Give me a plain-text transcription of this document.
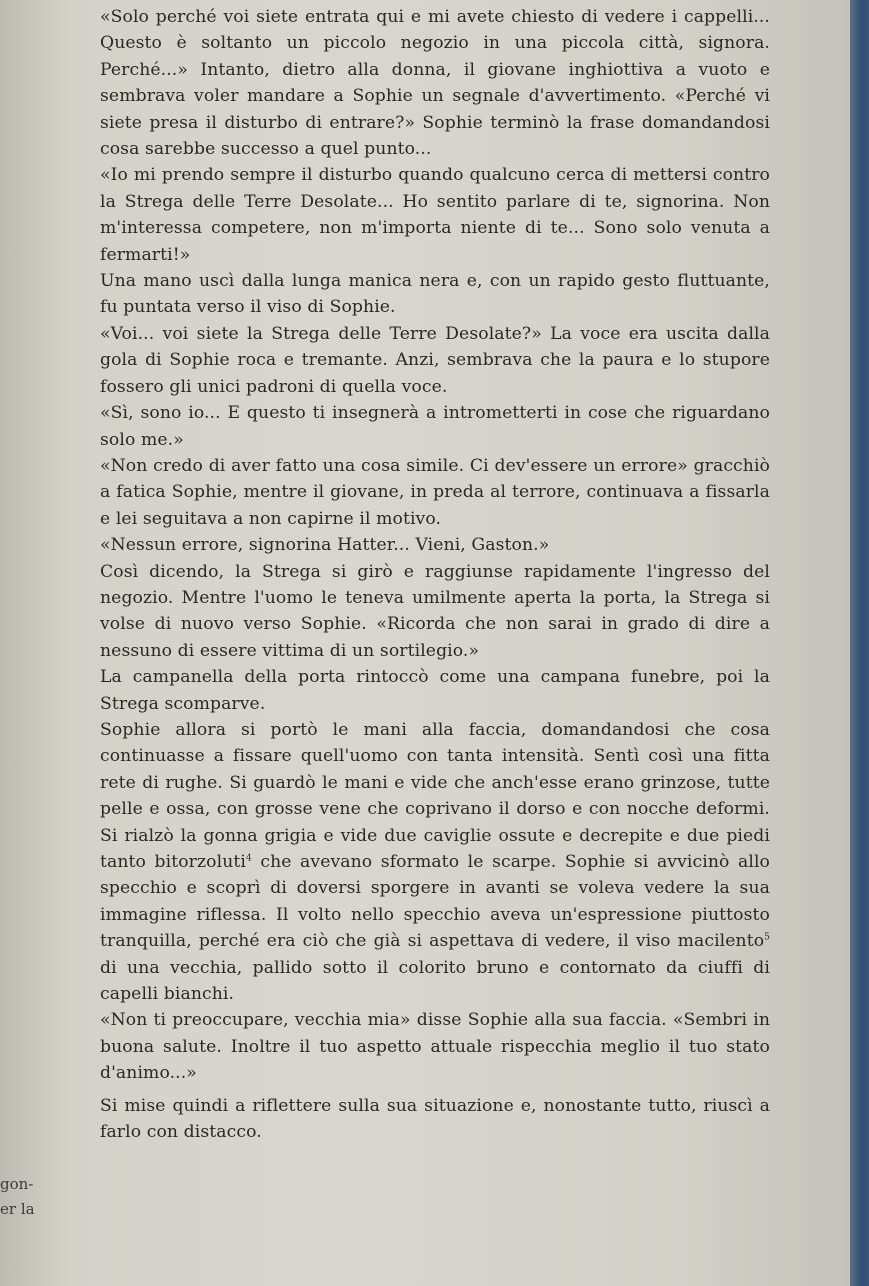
gon-
er la

«Solo perché voi siete entrata qui e mi avete chiesto di vedere i cappelli... Questo è soltanto un piccolo negozio in una piccola città, signora. Perché...» Intanto, dietro alla donna, il giovane inghiottiva a vuoto e sembrava voler mandare a Sophie un segnale d'avvertimento. «Perché vi siete presa il disturbo di entrare?» Sophie terminò la frase domandandosi cosa sarebbe successo a quel punto...

«Io mi prendo sempre il disturbo quando qualcuno cerca di mettersi contro la Strega delle Terre Desolate... Ho sentito parlare di te, signorina. Non m'interessa competere, non m'importa niente di te... Sono solo venuta a fermarti!»

Una mano uscì dalla lunga manica nera e, con un rapido gesto fluttuante, fu puntata verso il viso di Sophie.

«Voi... voi siete la Strega delle Terre Desolate?» La voce era uscita dalla gola di Sophie roca e tremante. Anzi, sembrava che la paura e lo stupore fossero gli unici padroni di quella voce.

«Sì, sono io... E questo ti insegnerà a intrometterti in cose che riguardano solo me.»

«Non credo di aver fatto una cosa simile. Ci dev'essere un errore» gracchiò a fatica Sophie, mentre il giovane, in preda al terrore, continuava a fissarla e lei seguitava a non capirne il motivo.

«Nessun errore, signorina Hatter... Vieni, Gaston.»

Così dicendo, la Strega si girò e raggiunse rapidamente l'ingresso del negozio. Mentre l'uomo le teneva umilmente aperta la porta, la Strega si volse di nuovo verso Sophie. «Ricorda che non sarai in grado di dire a nessuno di essere vittima di un sortilegio.»

La campanella della porta rintoccò come una campana funebre, poi la Strega scomparve.

Sophie allora si portò le mani alla faccia, domandandosi che cosa continuasse a fissare quell'uomo con tanta intensità. Sentì così una fitta rete di rughe. Si guardò le mani e vide che anch'esse erano grinzose, tutte pelle e ossa, con grosse vene che coprivano il dorso e con nocche deformi. Si rialzò la gonna grigia e vide due caviglie ossute e decrepite e due piedi tanto bitorzoluti$^4$ che avevano sformato le scarpe. Sophie si avvicinò allo specchio e scoprì di doversi sporgere in avanti se voleva vedere la sua immagine riflessa. Il volto nello specchio aveva un'espressione piuttosto tranquilla, perché era ciò che già si aspettava di vedere, il viso macilento$^5$ di una vecchia, pallido sotto il colorito bruno e contornato da ciuffi di capelli bianchi.

«Non ti preoccupare, vecchia mia» disse Sophie alla sua faccia. «Sembri in buona salute. Inoltre il tuo aspetto attuale rispecchia meglio il tuo stato d'animo...»

Si mise quindi a riflettere sulla sua situazione e, nonostante tutto, riuscì a farlo con distacco.
